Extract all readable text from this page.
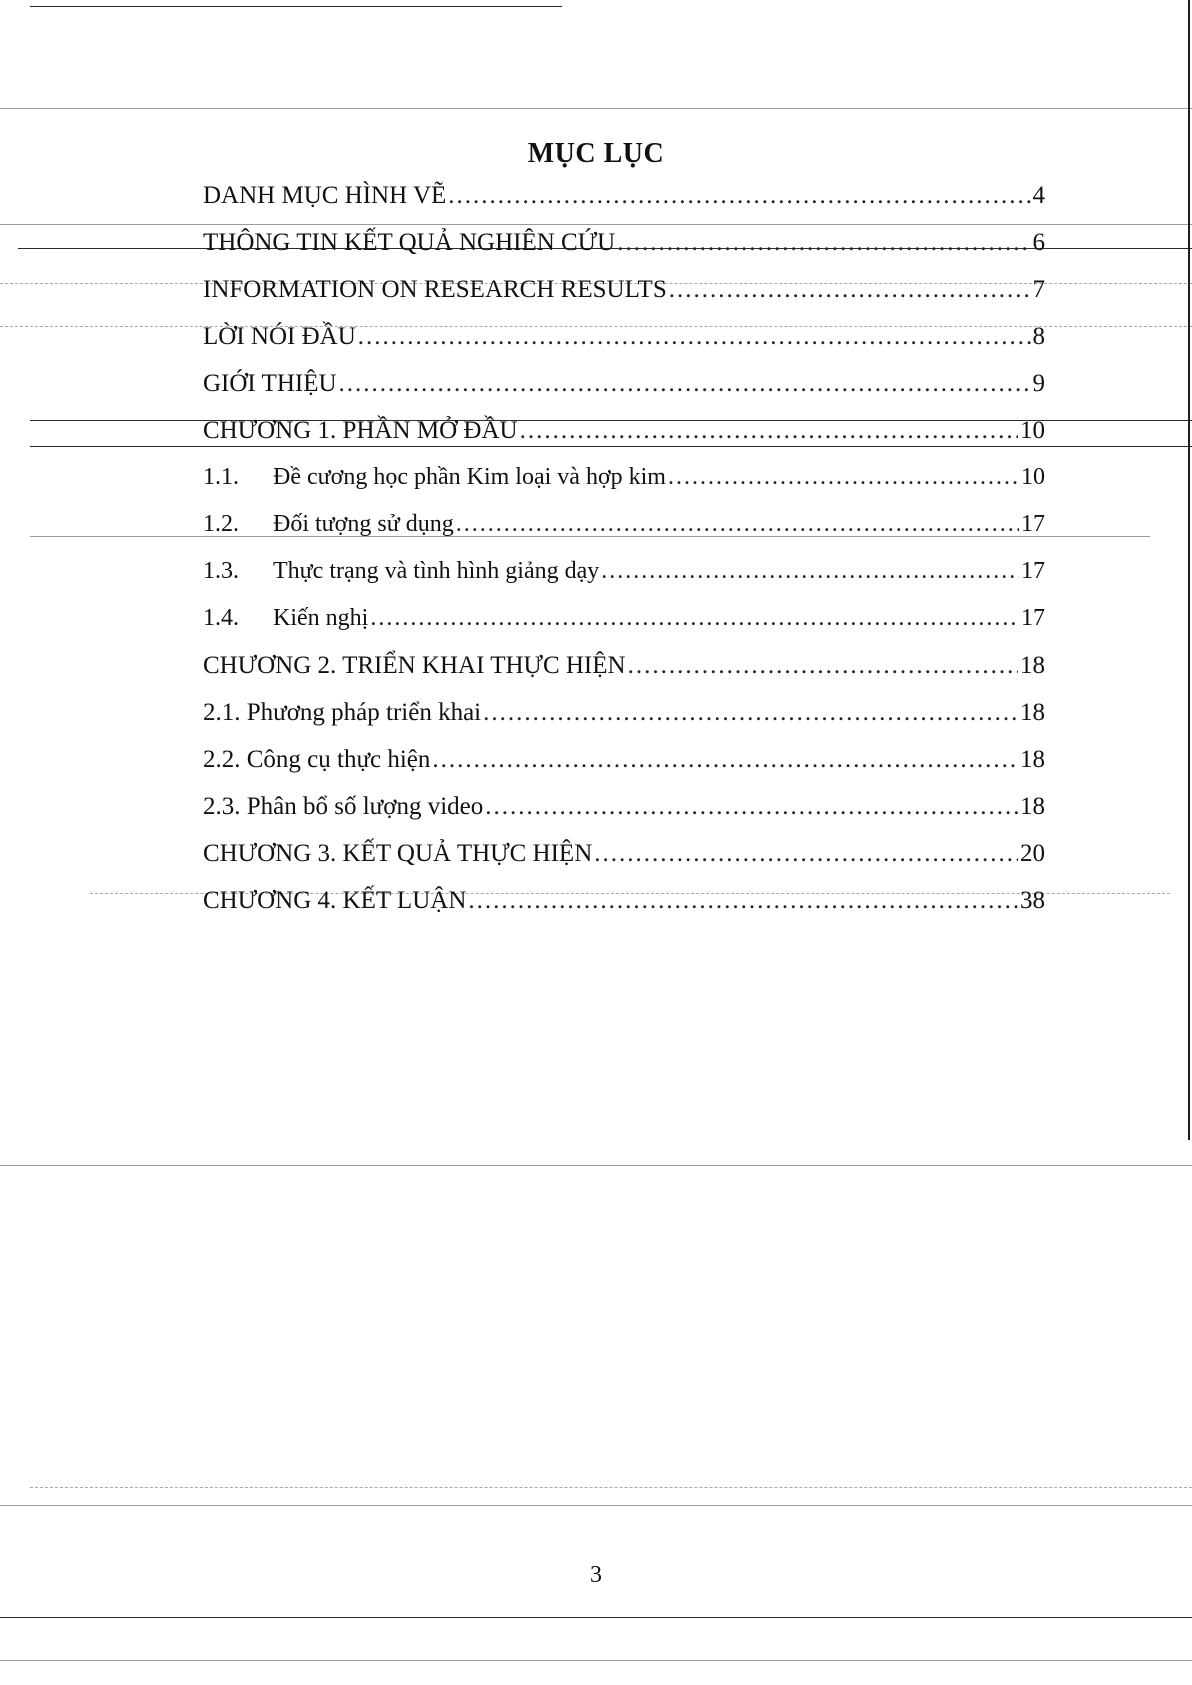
MỤC LỤC
DANH MỤC HÌNH VẼ .....	4
THÔNG TIN KẾT QUẢ NGHIÊN CỨU .....	6
INFORMATION ON RESEARCH RESULTS .....	7
LỜI NÓI ĐẦU .....	8
GIỚI THIỆU .....	9
CHƯƠNG 1. PHẦN MỞ ĐẦU .....	10
1.1.	Đề cương học phần Kim loại và hợp kim .....	10
1.2.	Đối tượng sử dụng .....	17
1.3.	Thực trạng và tình hình giảng dạy .....	17
1.4.	Kiến nghị .....	17
CHƯƠNG 2. TRIỂN KHAI THỰC HIỆN .....	18
2.1. Phương pháp triển khai .....	18
2.2. Công cụ thực hiện .....	18
2.3. Phân bổ số lượng video .....	18
CHƯƠNG 3. KẾT QUẢ THỰC HIỆN .....	20
CHƯƠNG 4. KẾT LUẬN .....	38
3
